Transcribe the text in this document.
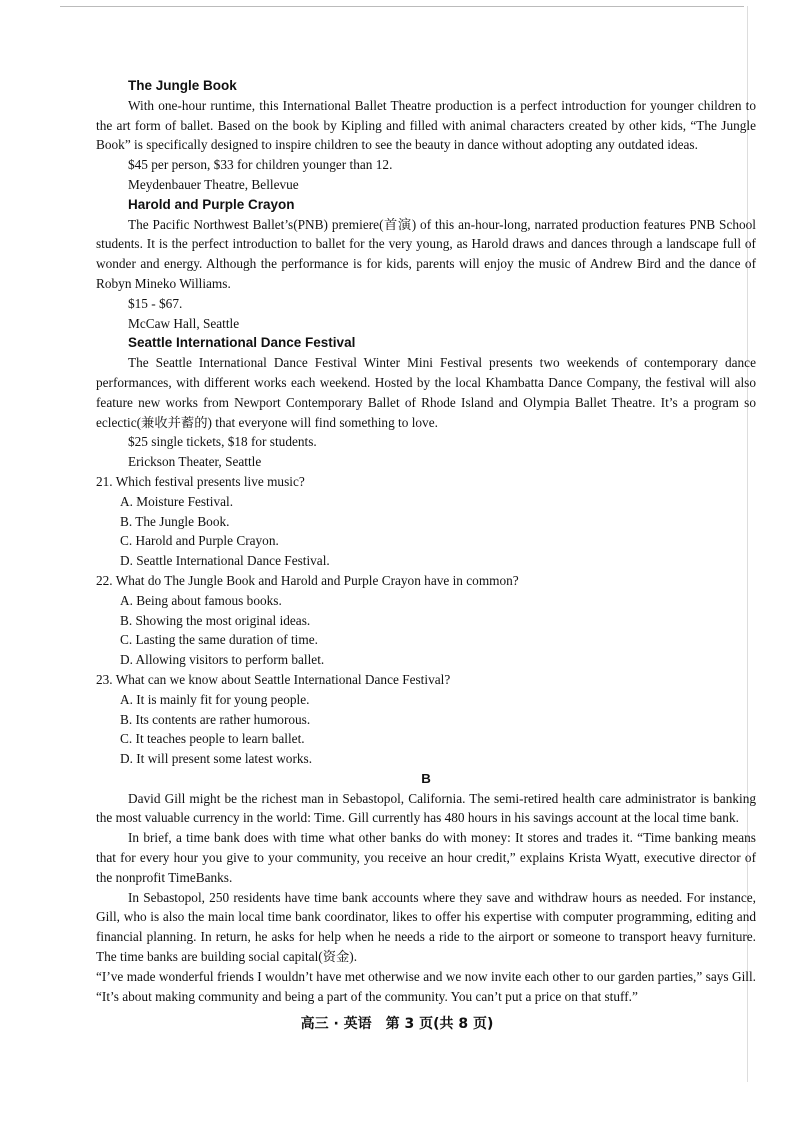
The Jungle Book

With one-hour runtime, this International Ballet Theatre production is a perfect introduction for younger children to the art form of ballet. Based on the book by Kipling and filled with animal characters created by other kids, “The Jungle Book” is specifically designed to inspire children to see the beauty in dance without adopting any outdated ideas.

$45 per person, $33 for children younger than 12.

Meydenbauer Theatre, Bellevue

Harold and Purple Crayon

The Pacific Northwest Ballet’s(PNB) premiere(首演) of this an-hour-long, narrated production features PNB School students. It is the perfect introduction to ballet for the very young, as Harold draws and dances through a landscape full of wonder and energy. Although the performance is for kids, parents will enjoy the music of Andrew Bird and the dance of Robyn Mineko Williams.

$15 - $67.

McCaw Hall, Seattle

Seattle International Dance Festival

The Seattle International Dance Festival Winter Mini Festival presents two weekends of contemporary dance performances, with different works each weekend. Hosted by the local Khambatta Dance Company, the festival will also feature new works from Newport Contemporary Ballet of Rhode Island and Olympia Ballet Theatre. It’s a program so eclectic(兼收并蓄的) that everyone will find something to love.

$25 single tickets, $18 for students.

Erickson Theater, Seattle

21. Which festival presents live music?

A. Moisture Festival.

B. The Jungle Book.

C. Harold and Purple Crayon.

D. Seattle International Dance Festival.

22. What do The Jungle Book and Harold and Purple Crayon have in common?

A. Being about famous books.

B. Showing the most original ideas.

C. Lasting the same duration of time.

D. Allowing visitors to perform ballet.

23. What can we know about Seattle International Dance Festival?

A. It is mainly fit for young people.

B. Its contents are rather humorous.

C. It teaches people to learn ballet.

D. It will present some latest works.

B

David Gill might be the richest man in Sebastopol, California. The semi-retired health care administrator is banking the most valuable currency in the world: Time. Gill currently has 480 hours in his savings account at the local time bank.

In brief, a time bank does with time what other banks do with money: It stores and trades it. “Time banking means that for every hour you give to your community, you receive an hour credit,” explains Krista Wyatt, executive director of the nonprofit TimeBanks.

In Sebastopol, 250 residents have time bank accounts where they save and withdraw hours as needed. For instance, Gill, who is also the main local time bank coordinator, likes to offer his expertise with computer programming, editing and financial planning. In return, he asks for help when he needs a ride to the airport or someone to transport heavy furniture. The time banks are building social capital(资金).

“I’ve made wonderful friends I wouldn’t have met otherwise and we now invite each other to our garden parties,” says Gill. “It’s about making community and being a part of the community. You can’t put a price on that stuff.”

高三 · 英语　第 3 页(共 8 页)
